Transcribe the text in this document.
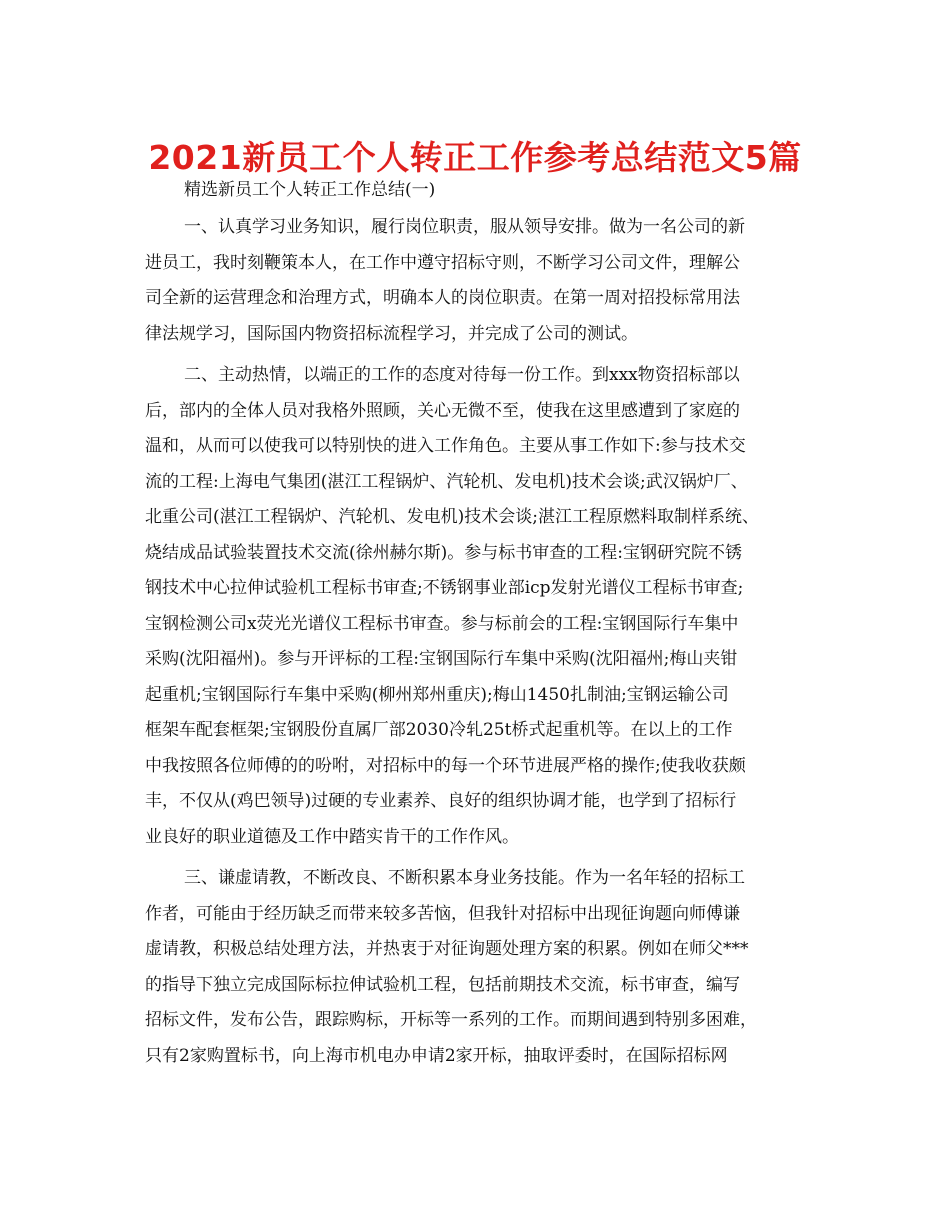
2021新员工个人转正工作参考总结范文5篇
精选新员工个人转正工作总结(一)
一、认真学习业务知识，履行岗位职责，服从领导安排。做为一名公司的新
进员工，我时刻鞭策本人，在工作中遵守招标守则，不断学习公司文件，理解公
司全新的运营理念和治理方式，明确本人的岗位职责。在第一周对招投标常用法
律法规学习，国际国内物资招标流程学习，并完成了公司的测试。
二、主动热情，以端正的工作的态度对待每一份工作。到xxx物资招标部以
后，部内的全体人员对我格外照顾，关心无微不至，使我在这里感遭到了家庭的
温和，从而可以使我可以特别快的进入工作角色。主要从事工作如下:参与技术交
流的工程:上海电气集团(湛江工程锅炉、汽轮机、发电机)技术会谈;武汉锅炉厂、
北重公司(湛江工程锅炉、汽轮机、发电机)技术会谈;湛江工程原燃料取制样系统、
烧结成品试验装置技术交流(徐州赫尔斯)。参与标书审查的工程:宝钢研究院不锈
钢技术中心拉伸试验机工程标书审查;不锈钢事业部icp发射光谱仪工程标书审查;
宝钢检测公司x荧光光谱仪工程标书审查。参与标前会的工程:宝钢国际行车集中
采购(沈阳福州)。参与开评标的工程:宝钢国际行车集中采购(沈阳福州;梅山夹钳
起重机;宝钢国际行车集中采购(柳州郑州重庆);梅山1450扎制油;宝钢运输公司
框架车配套框架;宝钢股份直属厂部2030冷轧25t桥式起重机等。在以上的工作
中我按照各位师傅的的吩咐，对招标中的每一个环节进展严格的操作;使我收获颇
丰，不仅从(鸡巴领导)过硬的专业素养、良好的组织协调才能，也学到了招标行
业良好的职业道德及工作中踏实肯干的工作作风。
三、谦虚请教，不断改良、不断积累本身业务技能。作为一名年轻的招标工
作者，可能由于经历缺乏而带来较多苦恼，但我针对招标中出现征询题向师傅谦
虚请教，积极总结处理方法，并热衷于对征询题处理方案的积累。例如在师父***
的指导下独立完成国际标拉伸试验机工程，包括前期技术交流，标书审查，编写
招标文件，发布公告，跟踪购标，开标等一系列的工作。而期间遇到特别多困难，
只有2家购置标书，向上海市机电办申请2家开标，抽取评委时，在国际招标网
